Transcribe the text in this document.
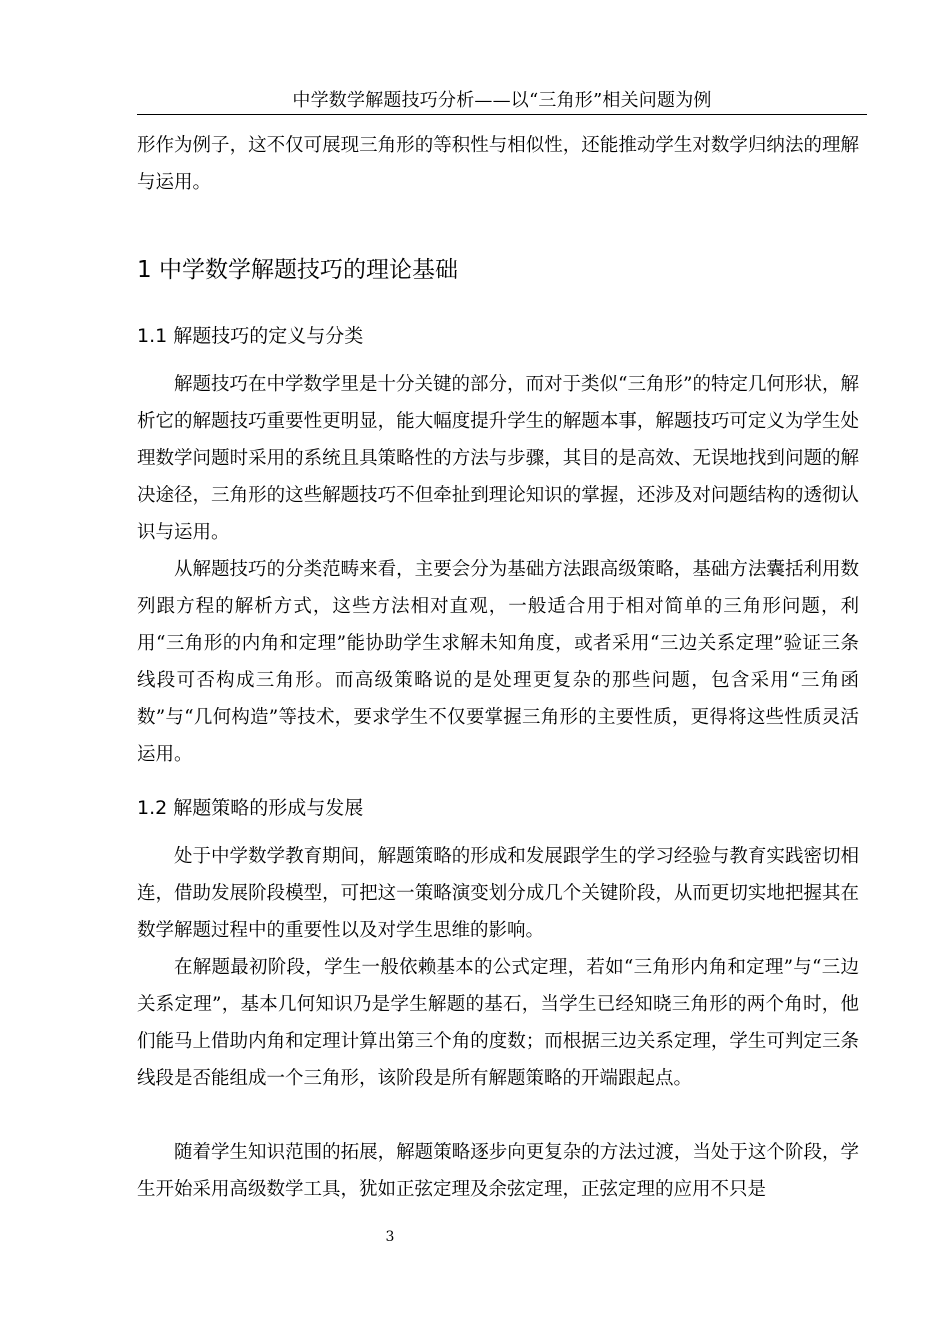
中学数学解题技巧分析——以“三角形”相关问题为例

形作为例子，这不仅可展现三角形的等积性与相似性，还能推动学生对数学归纳法的理解与运用。

1 中学数学解题技巧的理论基础
1.1 解题技巧的定义与分类

解题技巧在中学数学里是十分关键的部分，而对于类似“三角形”的特定几何形状，解析它的解题技巧重要性更明显，能大幅度提升学生的解题本事，解题技巧可定义为学生处理数学问题时采用的系统且具策略性的方法与步骤，其目的是高效、无误地找到问题的解决途径，三角形的这些解题技巧不但牵扯到理论知识的掌握，还涉及对问题结构的透彻认识与运用。

从解题技巧的分类范畴来看，主要会分为基础方法跟高级策略，基础方法囊括利用数列跟方程的解析方式，这些方法相对直观，一般适合用于相对简单的三角形问题，利用“三角形的内角和定理”能协助学生求解未知角度，或者采用“三边关系定理”验证三条线段可否构成三角形。而高级策略说的是处理更复杂的那些问题，包含采用“三角函数”与“几何构造”等技术，要求学生不仅要掌握三角形的主要性质，更得将这些性质灵活运用。

1.2 解题策略的形成与发展

处于中学数学教育期间，解题策略的形成和发展跟学生的学习经验与教育实践密切相连，借助发展阶段模型，可把这一策略演变划分成几个关键阶段，从而更切实地把握其在数学解题过程中的重要性以及对学生思维的影响。

在解题最初阶段，学生一般依赖基本的公式定理，若如“三角形内角和定理”与“三边关系定理”，基本几何知识乃是学生解题的基石，当学生已经知晓三角形的两个角时，他们能马上借助内角和定理计算出第三个角的度数；而根据三边关系定理，学生可判定三条线段是否能组成一个三角形，该阶段是所有解题策略的开端跟起点。

随着学生知识范围的拓展，解题策略逐步向更复杂的方法过渡，当处于这个阶段，学生开始采用高级数学工具，犹如正弦定理及余弦定理，正弦定理的应用不只是

3
